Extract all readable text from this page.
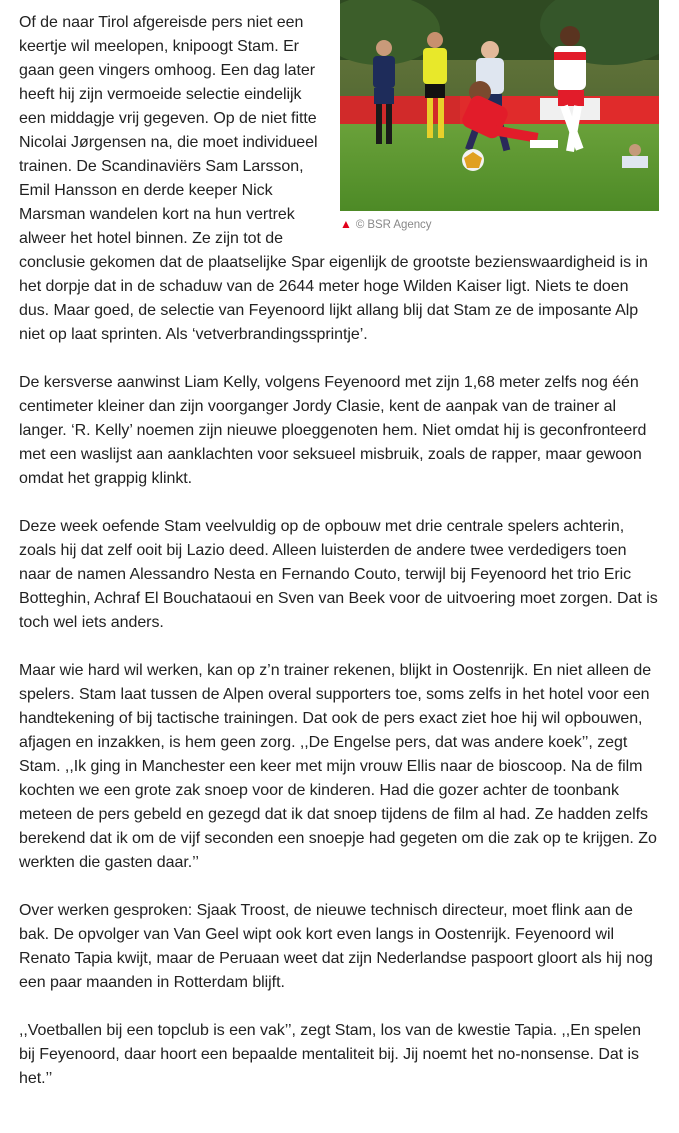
▲ © BSR Agency

Of de naar Tirol afgereisde pers niet een keertje wil meelopen, knipoogt Stam. Er gaan geen vingers omhoog. Een dag later heeft hij zijn vermoeide selectie eindelijk een middagje vrij gegeven. Op de niet fitte Nicolai Jørgensen na, die moet individueel trainen. De Scandinaviërs Sam Larsson, Emil Hansson en derde keeper Nick Marsman wandelen kort na hun vertrek alweer het hotel binnen. Ze zijn tot de conclusie gekomen dat de plaatselijke Spar eigenlijk de grootste bezienswaardigheid is in het dorpje dat in de schaduw van de 2644 meter hoge Wilden Kaiser ligt. Niets te doen dus. Maar goed, de selectie van Feyenoord lijkt allang blij dat Stam ze de imposante Alp niet op laat sprinten. Als ‘vetverbrandingssprintje’.

De kersverse aanwinst Liam Kelly, volgens Feyenoord met zijn 1,68 meter zelfs nog één centimeter kleiner dan zijn voorganger Jordy Clasie, kent de aanpak van de trainer al langer. ‘R. Kelly’ noemen zijn nieuwe ploeggenoten hem. Niet omdat hij is geconfronteerd met een waslijst aan aanklachten voor seksueel misbruik, zoals de rapper, maar gewoon omdat het grappig klinkt.

Deze week oefende Stam veelvuldig op de opbouw met drie centrale spelers achterin, zoals hij dat zelf ooit bij Lazio deed. Alleen luisterden de andere twee verdedigers toen naar de namen Alessandro Nesta en Fernando Couto, terwijl bij Feyenoord het trio Eric Botteghin, Achraf El Bouchataoui en Sven van Beek voor de uitvoering moet zorgen. Dat is toch wel iets anders.

Maar wie hard wil werken, kan op z’n trainer rekenen, blijkt in Oostenrijk. En niet alleen de spelers. Stam laat tussen de Alpen overal supporters toe, soms zelfs in het hotel voor een handtekening of bij tactische trainingen. Dat ook de pers exact ziet hoe hij wil opbouwen, afjagen en inzakken, is hem geen zorg. ,,De Engelse pers, dat was andere koek’’, zegt Stam. ,,Ik ging in Manchester een keer met mijn vrouw Ellis naar de bioscoop. Na de film kochten we een grote zak snoep voor de kinderen. Had die gozer achter de toonbank meteen de pers gebeld en gezegd dat ik dat snoep tijdens de film al had. Ze hadden zelfs berekend dat ik om de vijf seconden een snoepje had gegeten om die zak op te krijgen. Zo werkten die gasten daar.’’

Over werken gesproken: Sjaak Troost, de nieuwe technisch directeur, moet flink aan de bak. De opvolger van Van Geel wipt ook kort even langs in Oostenrijk. Feyenoord wil Renato Tapia kwijt, maar de Peruaan weet dat zijn Nederlandse paspoort gloort als hij nog een paar maanden in Rotterdam blijft.

,,Voetballen bij een topclub is een vak’’, zegt Stam, los van de kwestie Tapia. ,,En spelen bij Feyenoord, daar hoort een bepaalde mentaliteit bij. Jij noemt het no-nonsense. Dat is het.’’
